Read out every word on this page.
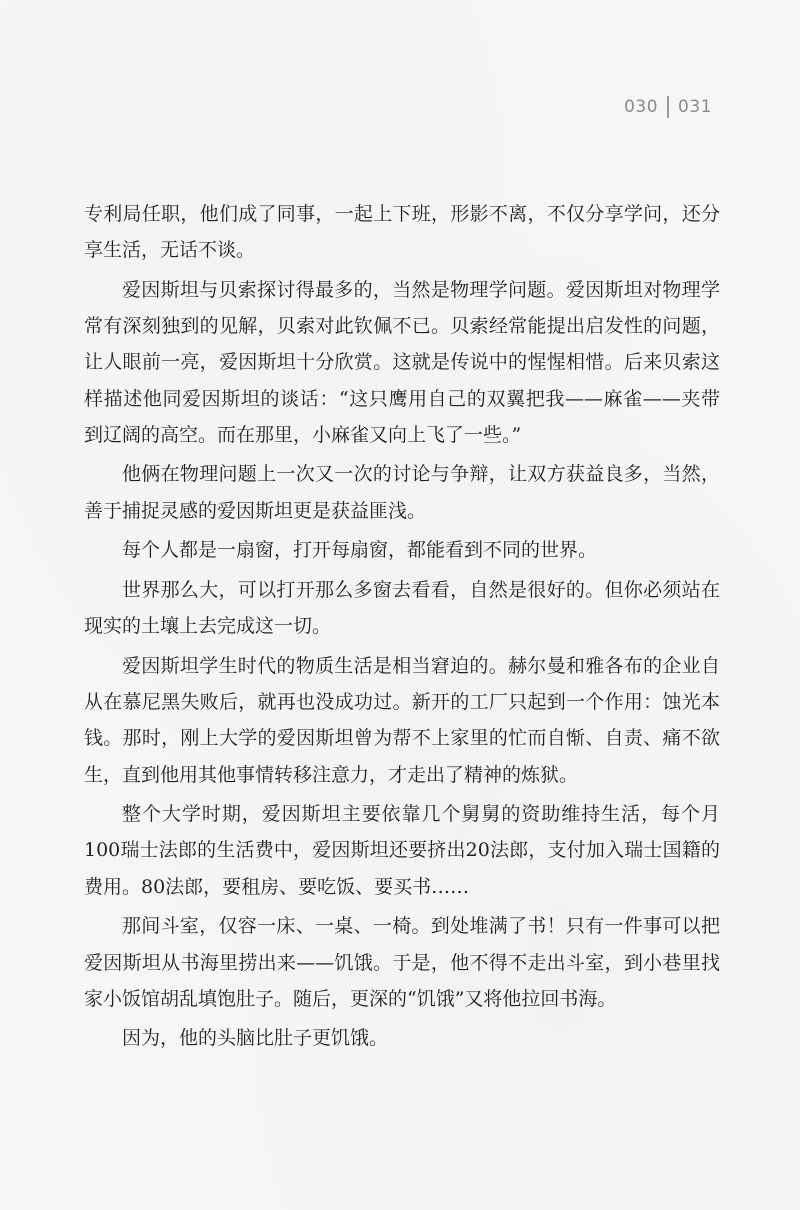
030 031

专利局任职，他们成了同事，一起上下班，形影不离，不仅分享学问，还分享生活，无话不谈。

爱因斯坦与贝索探讨得最多的，当然是物理学问题。爱因斯坦对物理学常有深刻独到的见解，贝索对此钦佩不已。贝索经常能提出启发性的问题，让人眼前一亮，爱因斯坦十分欣赏。这就是传说中的惺惺相惜。后来贝索这样描述他同爱因斯坦的谈话：“这只鹰用自己的双翼把我——麻雀——夹带到辽阔的高空。而在那里，小麻雀又向上飞了一些。”

他俩在物理问题上一次又一次的讨论与争辩，让双方获益良多，当然，善于捕捉灵感的爱因斯坦更是获益匪浅。

每个人都是一扇窗，打开每扇窗，都能看到不同的世界。

世界那么大，可以打开那么多窗去看看，自然是很好的。但你必须站在现实的土壤上去完成这一切。

爱因斯坦学生时代的物质生活是相当窘迫的。赫尔曼和雅各布的企业自从在慕尼黑失败后，就再也没成功过。新开的工厂只起到一个作用：蚀光本钱。那时，刚上大学的爱因斯坦曾为帮不上家里的忙而自惭、自责、痛不欲生，直到他用其他事情转移注意力，才走出了精神的炼狱。

整个大学时期，爱因斯坦主要依靠几个舅舅的资助维持生活，每个月100瑞士法郎的生活费中，爱因斯坦还要挤出20法郎，支付加入瑞士国籍的费用。80法郎，要租房、要吃饭、要买书……

那间斗室，仅容一床、一桌、一椅。到处堆满了书！只有一件事可以把爱因斯坦从书海里捞出来——饥饿。于是，他不得不走出斗室，到小巷里找家小饭馆胡乱填饱肚子。随后，更深的“饥饿”又将他拉回书海。

因为，他的头脑比肚子更饥饿。
